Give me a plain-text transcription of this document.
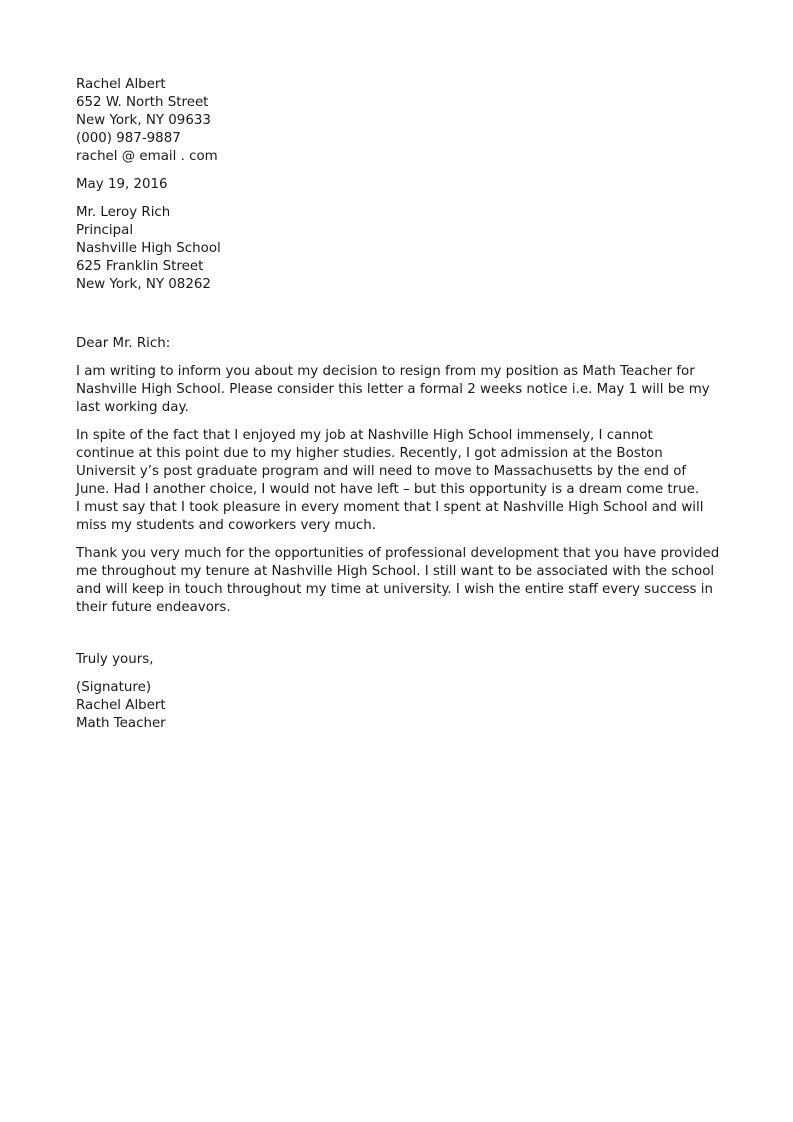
Rachel Albert
652 W. North Street
New York, NY 09633
(000) 987-9887
rachel @ email . com
May 19, 2016
Mr. Leroy Rich
Principal
Nashville High School
625 Franklin Street
New York, NY 08262
Dear Mr. Rich:
I am writing to inform you about my decision to resign from my position as Math Teacher for
Nashville High School. Please consider this letter a formal 2 weeks notice i.e. May 1 will be my
last working day.
In spite of the fact that I enjoyed my job at Nashville High School immensely, I cannot
continue at this point due to my higher studies. Recently, I got admission at the Boston
Universit y’s post graduate program and will need to move to Massachusetts by the end of
June. Had I another choice, I would not have left – but this opportunity is a dream come true.
I must say that I took pleasure in every moment that I spent at Nashville High School and will
miss my students and coworkers very much.
Thank you very much for the opportunities of professional development that you have provided
me throughout my tenure at Nashville High School. I still want to be associated with the school
and will keep in touch throughout my time at university. I wish the entire staff every success in
their future endeavors.
Truly yours,
(Signature)
Rachel Albert
Math Teacher
